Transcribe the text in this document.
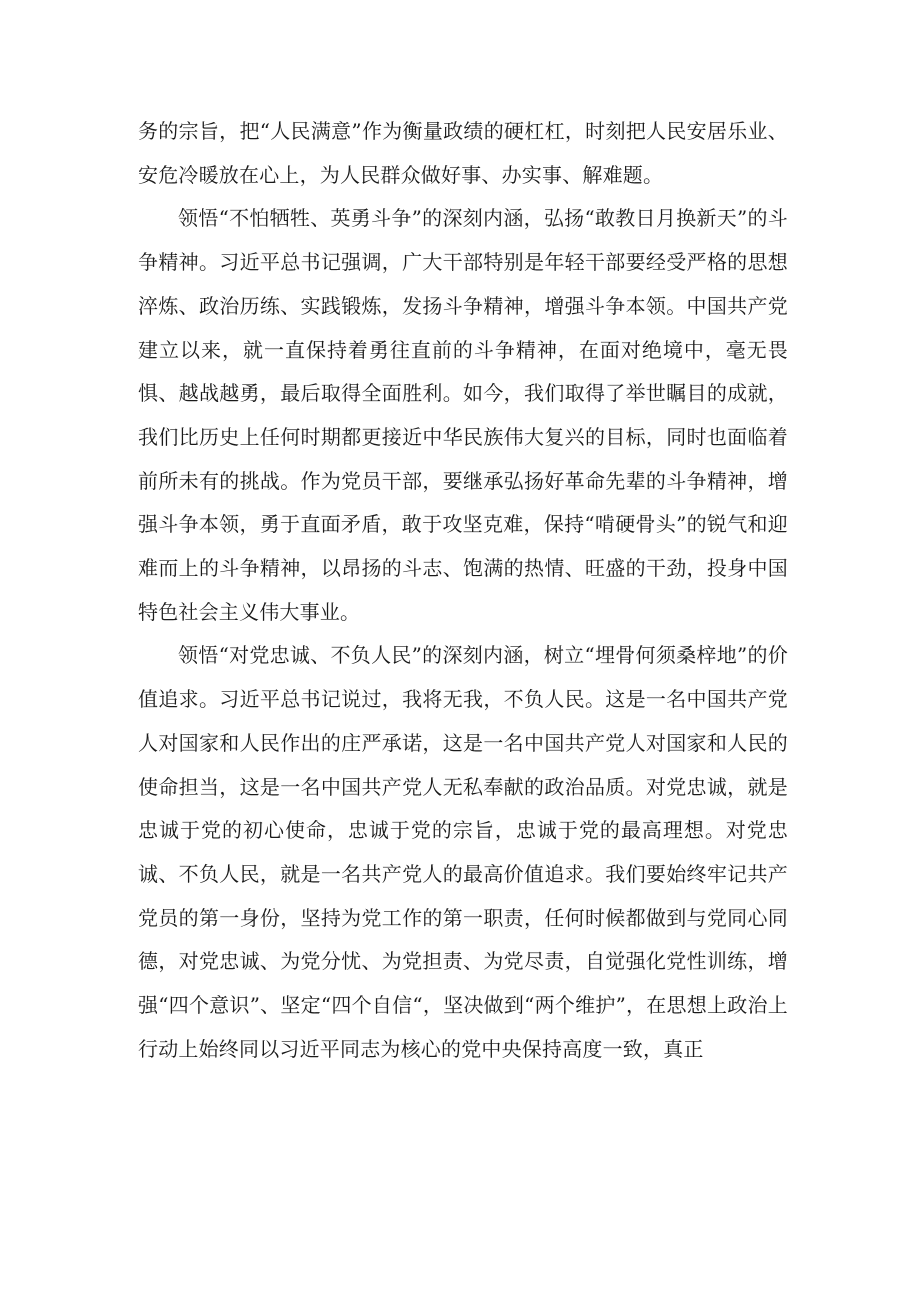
务的宗旨，把“人民满意”作为衡量政绩的硬杠杠，时刻把人民安居乐业、安危冷暖放在心上，为人民群众做好事、办实事、解难题。

领悟“不怕牺牲、英勇斗争”的深刻内涵，弘扬“敢教日月换新天”的斗争精神。习近平总书记强调，广大干部特别是年轻干部要经受严格的思想淬炼、政治历练、实践锻炼，发扬斗争精神，增强斗争本领。中国共产党建立以来，就一直保持着勇往直前的斗争精神，在面对绝境中，毫无畏惧、越战越勇，最后取得全面胜利。如今，我们取得了举世瞩目的成就，我们比历史上任何时期都更接近中华民族伟大复兴的目标，同时也面临着前所未有的挑战。作为党员干部，要继承弘扬好革命先辈的斗争精神，增强斗争本领，勇于直面矛盾，敢于攻坚克难，保持“啃硬骨头”的锐气和迎难而上的斗争精神，以昂扬的斗志、饱满的热情、旺盛的干劲，投身中国特色社会主义伟大事业。

领悟“对党忠诚、不负人民”的深刻内涵，树立“埋骨何须桑梓地”的价值追求。习近平总书记说过，我将无我，不负人民。这是一名中国共产党人对国家和人民作出的庄严承诺，这是一名中国共产党人对国家和人民的使命担当，这是一名中国共产党人无私奉献的政治品质。对党忠诚，就是忠诚于党的初心使命，忠诚于党的宗旨，忠诚于党的最高理想。对党忠诚、不负人民，就是一名共产党人的最高价值追求。我们要始终牢记共产党员的第一身份，坚持为党工作的第一职责，任何时候都做到与党同心同德，对党忠诚、为党分忧、为党担责、为党尽责，自觉强化党性训练，增强“四个意识”、坚定“四个自信“，坚决做到“两个维护”，在思想上政治上行动上始终同以习近平同志为核心的党中央保持高度一致，真正
